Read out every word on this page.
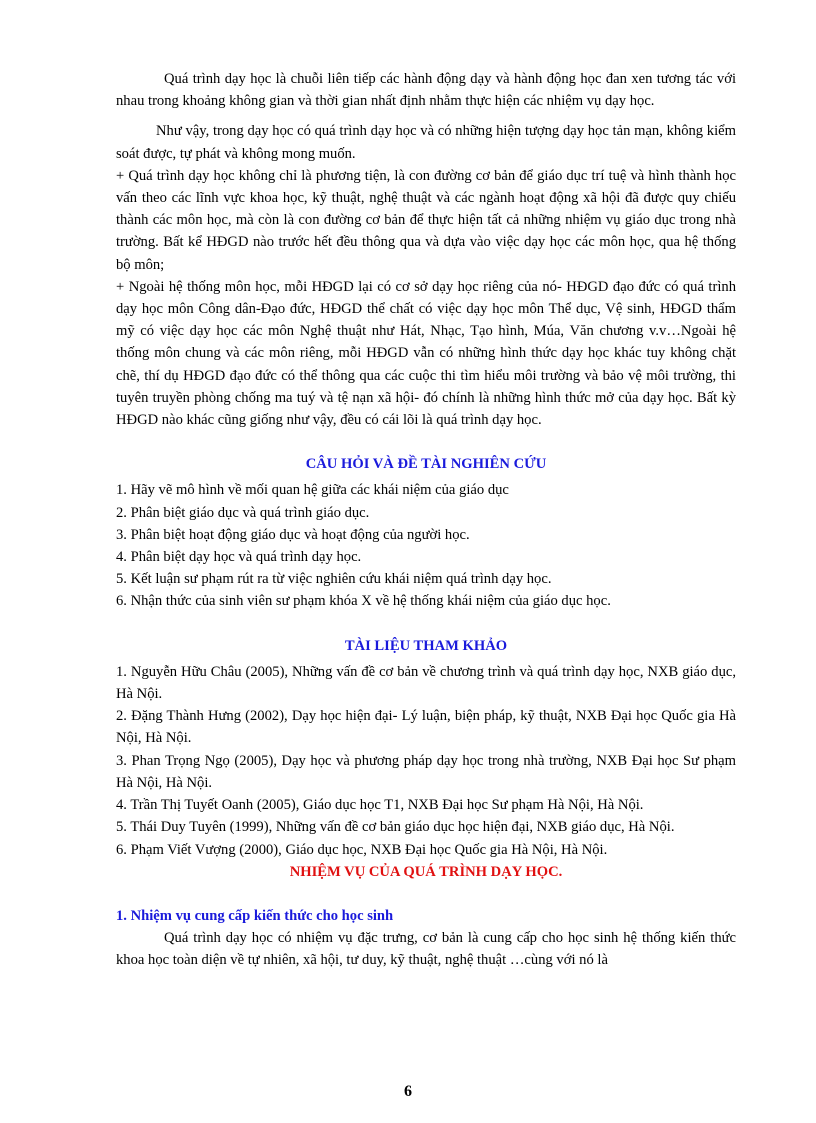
Quá trình dạy học là chuỗi liên tiếp các hành động dạy và hành động học đan xen tương tác với nhau trong khoảng không gian và thời gian nhất định nhằm thực hiện các nhiệm vụ dạy học.

Như vậy, trong dạy học có quá trình dạy học và có những hiện tượng dạy học tản mạn, không kiểm soát được, tự phát và không mong muốn.

+ Quá trình dạy học không chỉ là phương tiện, là con đường cơ bản để giáo dục trí tuệ và hình thành học vấn theo các lĩnh vực khoa học, kỹ thuật, nghệ thuật và các ngành hoạt động xã hội đã được quy chiếu thành các môn học, mà còn là con đường cơ bản để thực hiện tất cả những nhiệm vụ giáo dục trong nhà trường. Bất kể HĐGD nào trước hết đều thông qua và dựa vào việc dạy học các môn học, qua hệ thống bộ môn;

+ Ngoài hệ thống môn học, mỗi HĐGD lại có cơ sở dạy học riêng của nó- HĐGD đạo đức có quá trình dạy học môn Công dân-Đạo đức, HĐGD thể chất có việc dạy học môn Thể dục, Vệ sinh, HĐGD thẩm mỹ có việc dạy học các môn Nghệ thuật như Hát, Nhạc, Tạo hình, Múa, Văn chương v.v…Ngoài hệ thống môn chung và các môn riêng, mỗi HĐGD vẫn có những hình thức dạy học khác tuy không chặt chẽ, thí dụ HĐGD đạo đức có thể thông qua các cuộc thi tìm hiểu môi trường và bảo vệ môi trường, thi tuyên truyền phòng chống ma tuý và tệ nạn xã hội- đó chính là những hình thức mở của dạy học. Bất kỳ HĐGD nào khác cũng giống như vậy, đều có cái lõi là quá trình dạy học.

CÂU HỎI VÀ ĐỀ TÀI NGHIÊN CỨU
1. Hãy vẽ mô hình về mối quan hệ giữa các khái niệm của giáo dục
2. Phân biệt giáo dục và quá trình giáo dục.
3. Phân biệt hoạt động giáo dục và hoạt động của người học.
4. Phân biệt dạy học và quá trình dạy học.
5. Kết luận sư phạm rút ra từ việc nghiên cứu khái niệm quá trình dạy học.
6. Nhận thức của sinh viên sư phạm khóa X về hệ thống khái niệm của giáo dục học.
TÀI LIỆU THAM KHẢO
1. Nguyễn Hữu Châu (2005), Những vấn đề cơ bản về chương trình và quá trình dạy học, NXB giáo dục, Hà Nội.
2. Đặng Thành Hưng (2002), Dạy học hiện đại- Lý luận, biện pháp, kỹ thuật, NXB Đại học Quốc gia Hà Nội, Hà Nội.
3. Phan Trọng Ngọ (2005), Dạy học và phương pháp dạy học trong nhà trường, NXB Đại học Sư phạm Hà Nội, Hà Nội.
4. Trần Thị Tuyết Oanh (2005), Giáo dục học T1, NXB Đại học Sư phạm Hà Nội, Hà Nội.
5. Thái Duy Tuyên (1999), Những vấn đề cơ bản giáo dục học hiện đại, NXB giáo dục, Hà Nội.
6. Phạm Viết Vượng (2000), Giáo dục học, NXB Đại học Quốc gia Hà Nội, Hà Nội.
NHIỆM VỤ CỦA QUÁ TRÌNH DẠY HỌC.
1. Nhiệm vụ cung cấp kiến thức cho học sinh

Quá trình dạy học có nhiệm vụ đặc trưng, cơ bản là cung cấp cho học sinh hệ thống kiến thức khoa học toàn diện về tự nhiên, xã hội, tư duy, kỹ thuật, nghệ thuật …cùng với nó là

6
